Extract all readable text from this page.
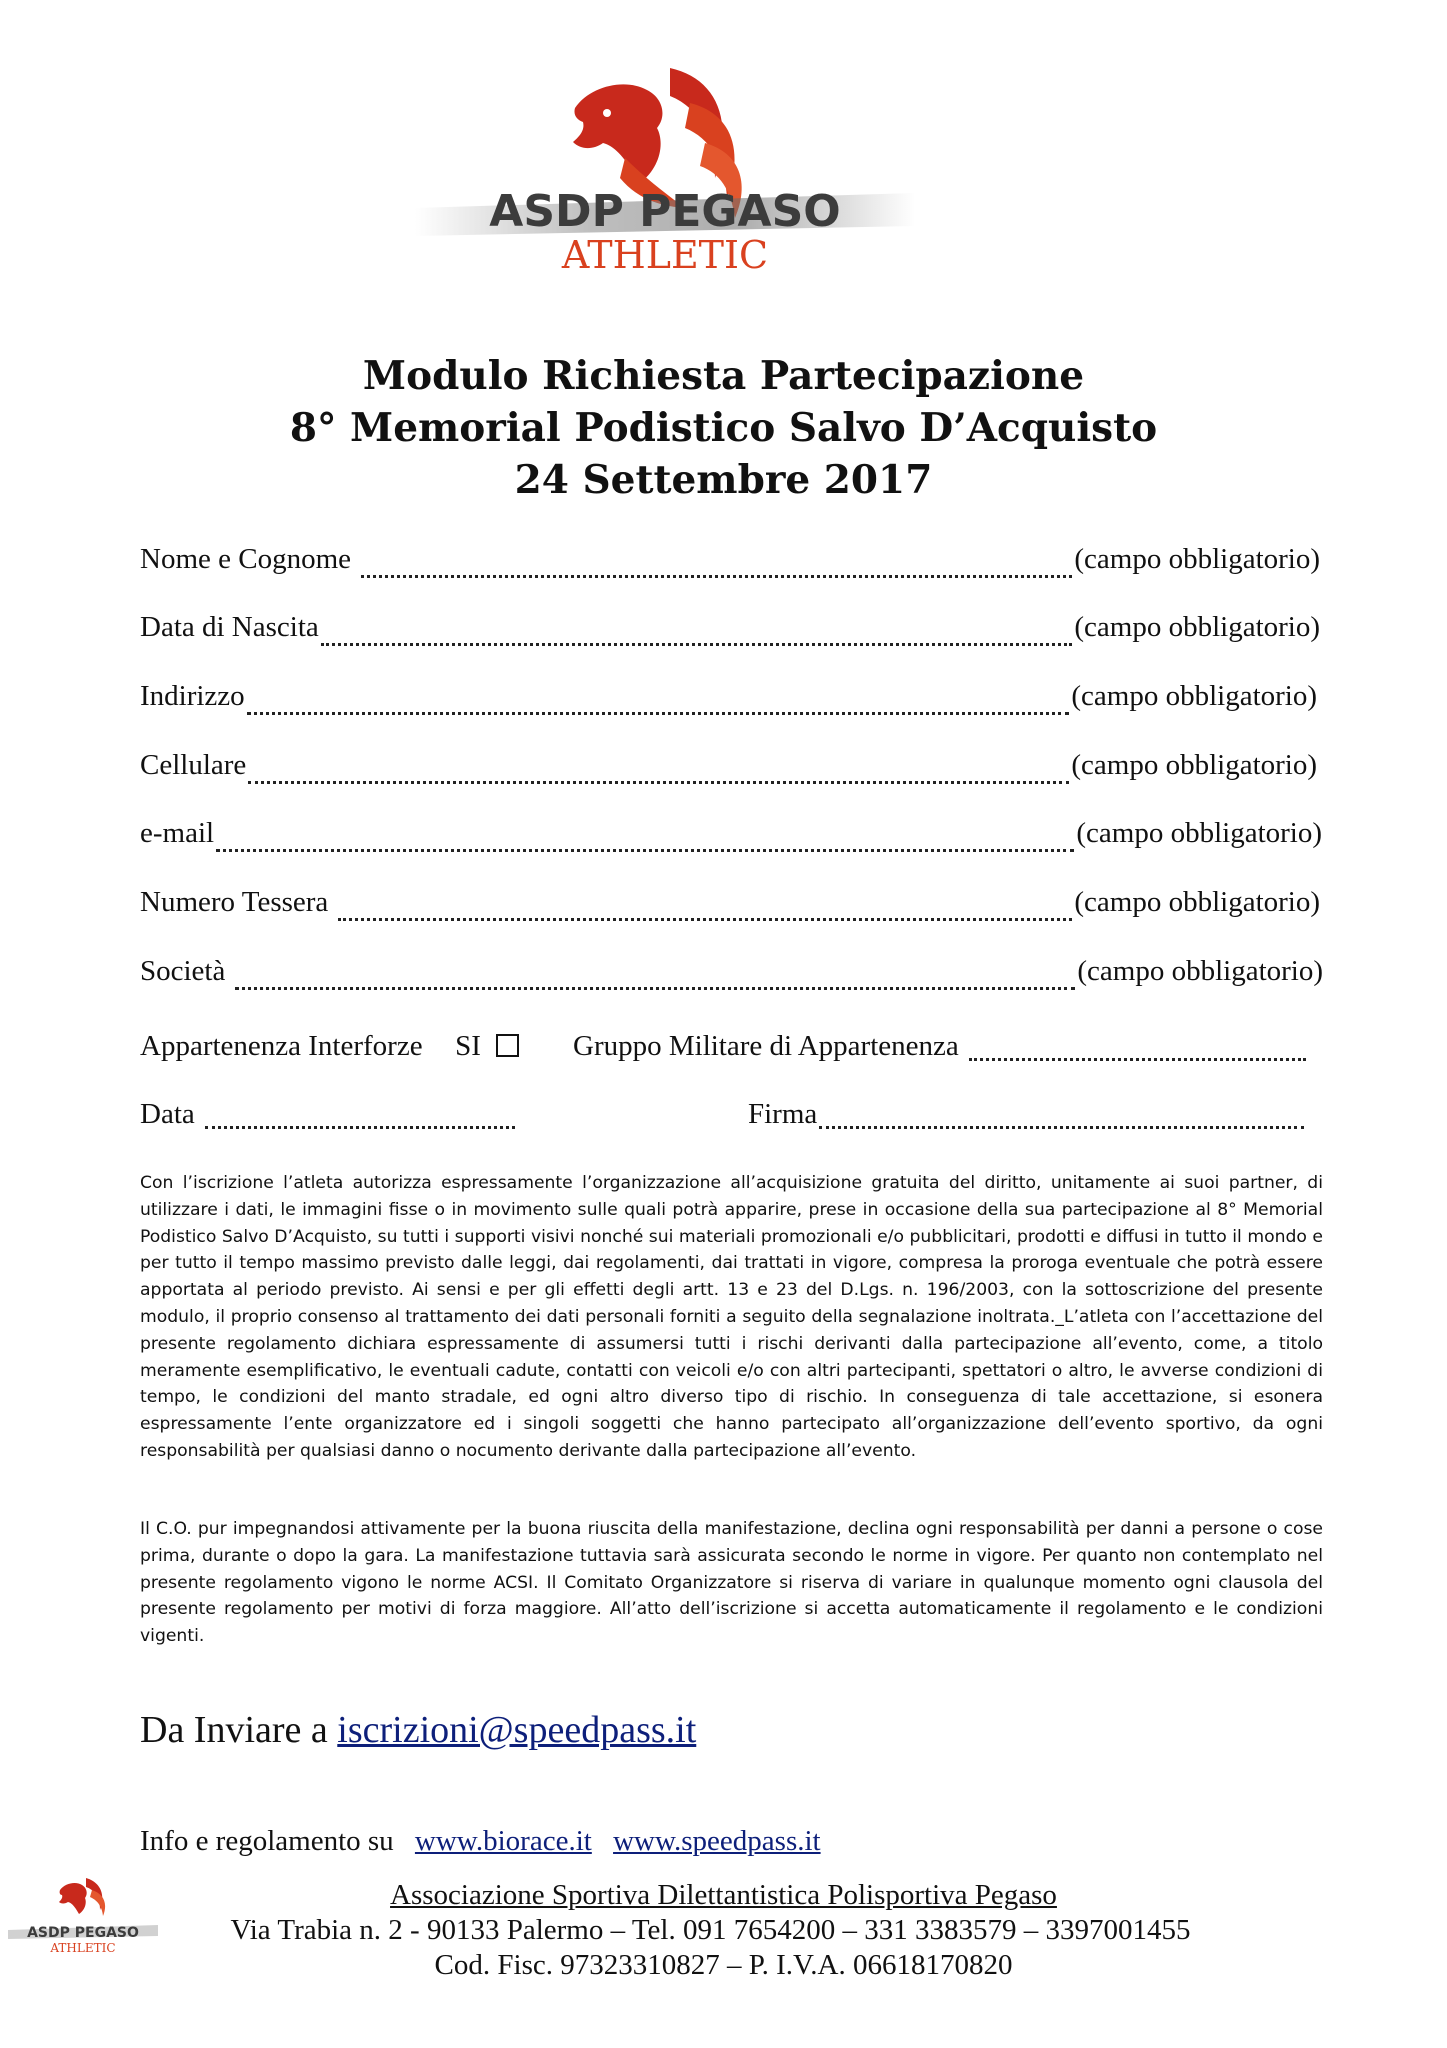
ASDP PEGASO
ATHLETIC
Modulo Richiesta Partecipazione
8° Memorial Podistico Salvo D’Acquisto
24 Settembre 2017
Nome e Cognome	(campo obbligatorio)
Data di Nascita	(campo obbligatorio)
Indirizzo	(campo obbligatorio)
Cellulare	(campo obbligatorio)
e-mail	(campo obbligatorio)
Numero Tessera	(campo obbligatorio)
Società	(campo obbligatorio)
Appartenenza Interforze SI	Gruppo Militare di Appartenenza
Data	Firma
Con l’iscrizione l’atleta autorizza espressamente l’organizzazione all’acquisizione gratuita del diritto, unitamente ai suoi partner, di utilizzare i dati, le immagini fisse o in movimento sulle quali potrà apparire, prese in occasione della sua partecipazione al 8° Memorial Podistico Salvo D’Acquisto, su tutti i supporti visivi nonché sui materiali promozionali e/o pubblicitari, prodotti e diffusi in tutto il mondo e per tutto il tempo massimo previsto dalle leggi, dai regolamenti, dai trattati in vigore, compresa la proroga eventuale che potrà essere apportata al periodo previsto. Ai sensi e per gli effetti degli artt. 13 e 23 del D.Lgs. n. 196/2003, con la sottoscrizione del presente modulo, il proprio consenso al trattamento dei dati personali forniti a seguito della segnalazione inoltrata._L’atleta con l’accettazione del presente regolamento dichiara espressamente di assumersi tutti i rischi derivanti dalla partecipazione all’evento, come, a titolo meramente esemplificativo, le eventuali cadute, contatti con veicoli e/o con altri partecipanti, spettatori o altro, le avverse condizioni di tempo, le condizioni del manto stradale, ed ogni altro diverso tipo di rischio. In conseguenza di tale accettazione, si esonera espressamente l’ente organizzatore ed i singoli soggetti che hanno partecipato all’organizzazione dell’evento sportivo, da ogni responsabilità per qualsiasi danno o nocumento derivante dalla partecipazione all’evento.
Il C.O. pur impegnandosi attivamente per la buona riuscita della manifestazione, declina ogni responsabilità per danni a persone o cose prima, durante o dopo la gara. La manifestazione tuttavia sarà assicurata secondo le norme in vigore. Per quanto non contemplato nel presente regolamento vigono le norme ACSI. Il Comitato Organizzatore si riserva di variare in qualunque momento ogni clausola del presente regolamento per motivi di forza maggiore. All’atto dell’iscrizione si accetta automaticamente il regolamento e le condizioni vigenti.
Da Inviare a iscrizioni@speedpass.it
Info e regolamento su www.biorace.it www.speedpass.it
ASDP PEGASO
ATHLETIC
Associazione Sportiva Dilettantistica Polisportiva Pegaso
Via Trabia n. 2 - 90133 Palermo – Tel. 091 7654200 – 331 3383579 – 3397001455
Cod. Fisc. 97323310827 – P. I.V.A. 06618170820
